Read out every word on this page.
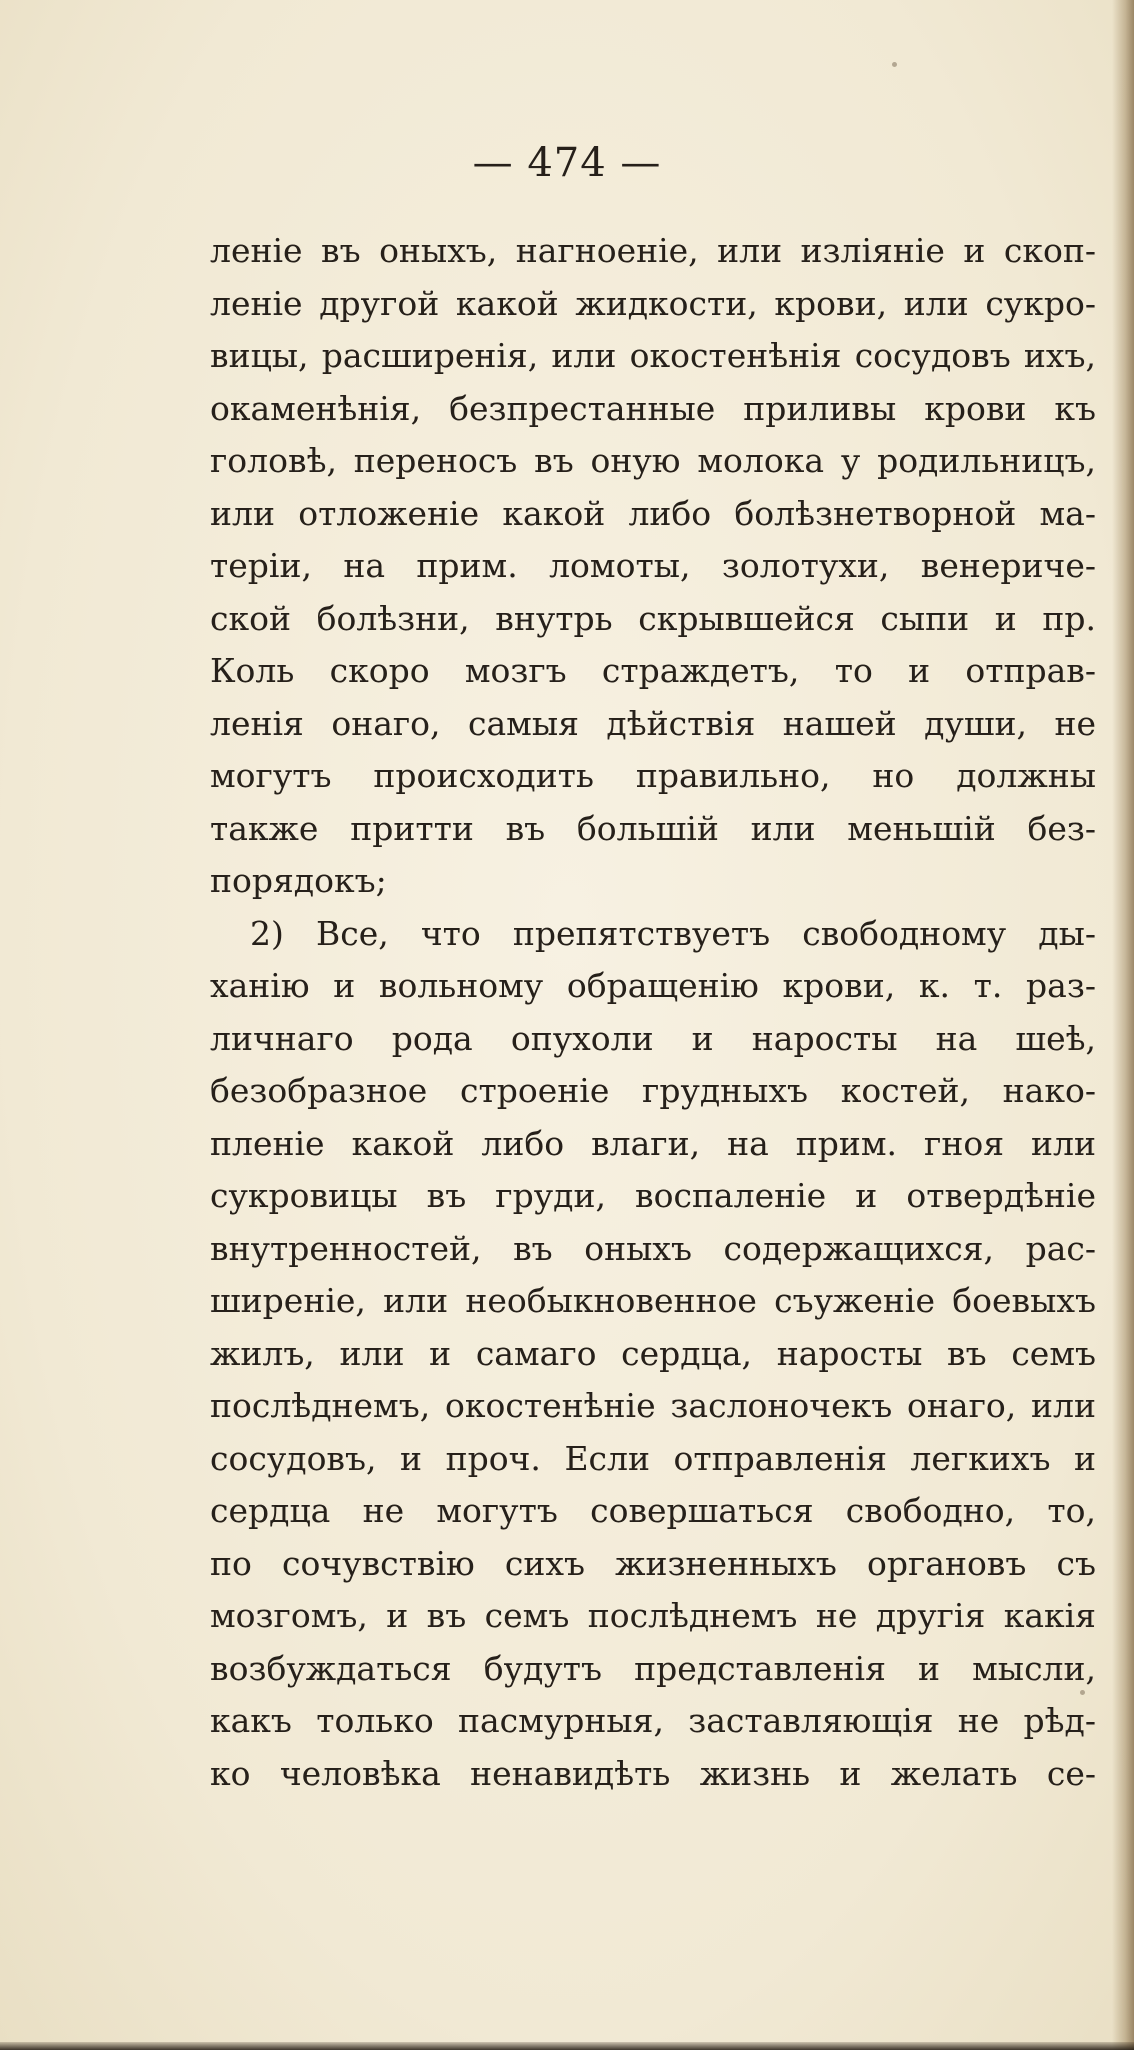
— 474 —
ленiе въ оныхъ, нагноенiе, или излiянiе и скоп-
ленiе другой какой жидкости, крови, или сукро-
вицы, расширенiя, или окостенѣнiя сосудовъ ихъ,
окаменѣнiя, безпрестанные приливы крови къ
головѣ, переносъ въ оную молока у родильницъ,
или отложенiе какой либо болѣзнетворной ма-
терiи, на прим. ломоты, золотухи, венериче-
ской болѣзни, внутрь скрывшейся сыпи и пр.
Коль скоро мозгъ страждетъ, то и отправ-
ленiя онаго, самыя дѣйствiя нашей души, не
могутъ происходить правильно, но должны
также притти въ большiй или меньшiй без-
порядокъ;
2) Все, что препятствуетъ свободному ды-
ханiю и вольному обращенiю крови, к. т. раз-
личнаго рода опухоли и наросты на шеѣ,
безобразное строенiе грудныхъ костей, нако-
пленiе какой либо влаги, на прим. гноя или
сукровицы въ груди, воспаленiе и отвердѣнiе
внутренностей, въ оныхъ содержащихся, рас-
ширенiе, или необыкновенное съуженiе боевыхъ
жилъ, или и самаго сердца, наросты въ семъ
послѣднемъ, окостенѣнiе заслоночекъ онаго, или
сосудовъ, и проч. Если отправленiя легкихъ и
сердца не могутъ совершаться свободно, то,
по сочувствiю сихъ жизненныхъ органовъ съ
мозгомъ, и въ семъ послѣднемъ не другiя какiя
возбуждаться будутъ представленiя и мысли,
какъ только пасмурныя, заставляющiя не рѣд-
ко человѣка ненавидѣть жизнь и желать се-
